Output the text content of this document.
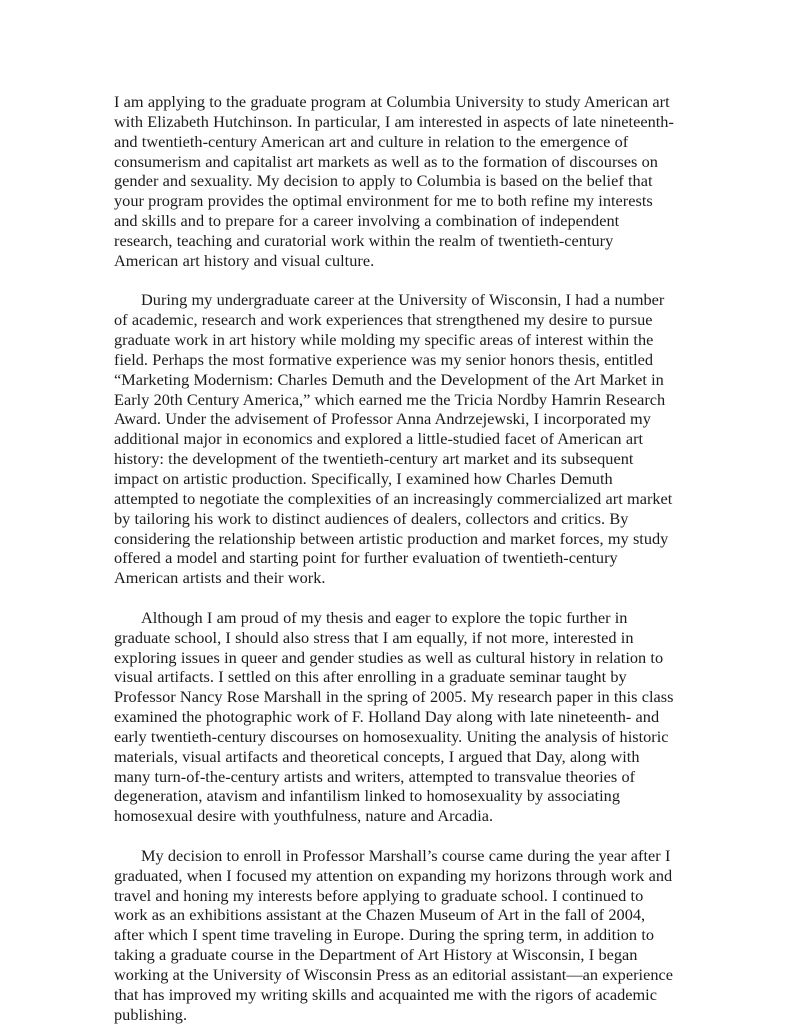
I am applying to the graduate program at Columbia University to study American art with Elizabeth Hutchinson. In particular, I am interested in aspects of late nineteenth- and twentieth-century American art and culture in relation to the emergence of consumerism and capitalist art markets as well as to the formation of discourses on gender and sexuality. My decision to apply to Columbia is based on the belief that your program provides the optimal environment for me to both refine my interests and skills and to prepare for a career involving a combination of independent research, teaching and curatorial work within the realm of twentieth-century American art history and visual culture.

During my undergraduate career at the University of Wisconsin, I had a number of academic, research and work experiences that strengthened my desire to pursue graduate work in art history while molding my specific areas of interest within the field. Perhaps the most formative experience was my senior honors thesis, entitled “Marketing Modernism: Charles Demuth and the Development of the Art Market in Early 20th Century America,” which earned me the Tricia Nordby Hamrin Research Award. Under the advisement of Professor Anna Andrzejewski, I incorporated my additional major in economics and explored a little-studied facet of American art history: the development of the twentieth-century art market and its subsequent impact on artistic production. Specifically, I examined how Charles Demuth attempted to negotiate the complexities of an increasingly commercialized art market by tailoring his work to distinct audiences of dealers, collectors and critics. By considering the relationship between artistic production and market forces, my study offered a model and starting point for further evaluation of twentieth-century American artists and their work.

Although I am proud of my thesis and eager to explore the topic further in graduate school, I should also stress that I am equally, if not more, interested in exploring issues in queer and gender studies as well as cultural history in relation to visual artifacts. I settled on this after enrolling in a graduate seminar taught by Professor Nancy Rose Marshall in the spring of 2005. My research paper in this class examined the photographic work of F. Holland Day along with late nineteenth- and early twentieth-century discourses on homosexuality. Uniting the analysis of historic materials, visual artifacts and theoretical concepts, I argued that Day, along with many turn-of-the-century artists and writers, attempted to transvalue theories of degeneration, atavism and infantilism linked to homosexuality by associating homosexual desire with youthfulness, nature and Arcadia.

My decision to enroll in Professor Marshall’s course came during the year after I graduated, when I focused my attention on expanding my horizons through work and travel and honing my interests before applying to graduate school. I continued to work as an exhibitions assistant at the Chazen Museum of Art in the fall of 2004, after which I spent time traveling in Europe. During the spring term, in addition to taking a graduate course in the Department of Art History at Wisconsin, I began working at the University of Wisconsin Press as an editorial assistant—an experience that has improved my writing skills and acquainted me with the rigors of academic publishing.
